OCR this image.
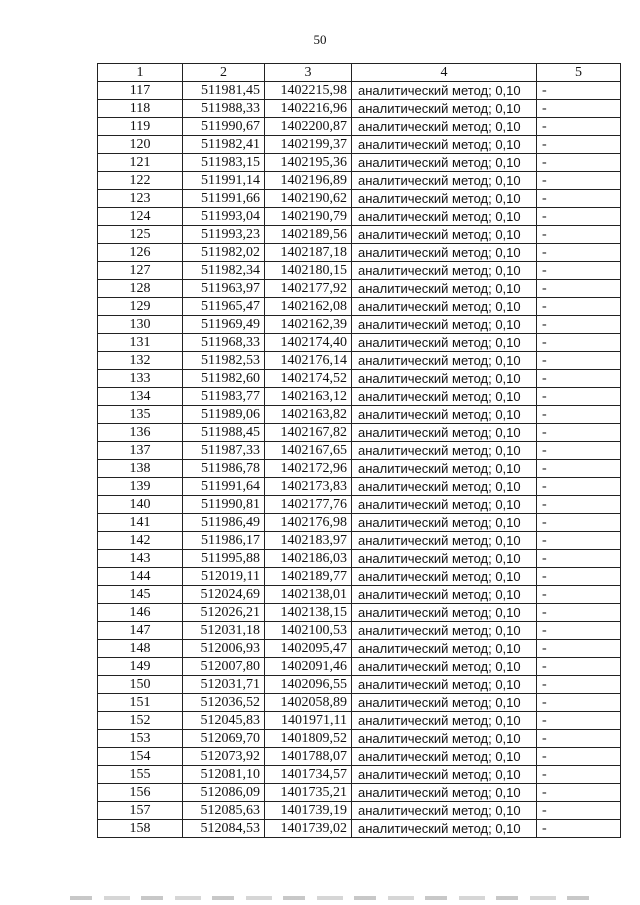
50
1	2	3	4	5
117	511981,45	1402215,98	аналитический метод; 0,10	-
118	511988,33	1402216,96	аналитический метод; 0,10	-
119	511990,67	1402200,87	аналитический метод; 0,10	-
120	511982,41	1402199,37	аналитический метод; 0,10	-
121	511983,15	1402195,36	аналитический метод; 0,10	-
122	511991,14	1402196,89	аналитический метод; 0,10	-
123	511991,66	1402190,62	аналитический метод; 0,10	-
124	511993,04	1402190,79	аналитический метод; 0,10	-
125	511993,23	1402189,56	аналитический метод; 0,10	-
126	511982,02	1402187,18	аналитический метод; 0,10	-
127	511982,34	1402180,15	аналитический метод; 0,10	-
128	511963,97	1402177,92	аналитический метод; 0,10	-
129	511965,47	1402162,08	аналитический метод; 0,10	-
130	511969,49	1402162,39	аналитический метод; 0,10	-
131	511968,33	1402174,40	аналитический метод; 0,10	-
132	511982,53	1402176,14	аналитический метод; 0,10	-
133	511982,60	1402174,52	аналитический метод; 0,10	-
134	511983,77	1402163,12	аналитический метод; 0,10	-
135	511989,06	1402163,82	аналитический метод; 0,10	-
136	511988,45	1402167,82	аналитический метод; 0,10	-
137	511987,33	1402167,65	аналитический метод; 0,10	-
138	511986,78	1402172,96	аналитический метод; 0,10	-
139	511991,64	1402173,83	аналитический метод; 0,10	-
140	511990,81	1402177,76	аналитический метод; 0,10	-
141	511986,49	1402176,98	аналитический метод; 0,10	-
142	511986,17	1402183,97	аналитический метод; 0,10	-
143	511995,88	1402186,03	аналитический метод; 0,10	-
144	512019,11	1402189,77	аналитический метод; 0,10	-
145	512024,69	1402138,01	аналитический метод; 0,10	-
146	512026,21	1402138,15	аналитический метод; 0,10	-
147	512031,18	1402100,53	аналитический метод; 0,10	-
148	512006,93	1402095,47	аналитический метод; 0,10	-
149	512007,80	1402091,46	аналитический метод; 0,10	-
150	512031,71	1402096,55	аналитический метод; 0,10	-
151	512036,52	1402058,89	аналитический метод; 0,10	-
152	512045,83	1401971,11	аналитический метод; 0,10	-
153	512069,70	1401809,52	аналитический метод; 0,10	-
154	512073,92	1401788,07	аналитический метод; 0,10	-
155	512081,10	1401734,57	аналитический метод; 0,10	-
156	512086,09	1401735,21	аналитический метод; 0,10	-
157	512085,63	1401739,19	аналитический метод; 0,10	-
158	512084,53	1401739,02	аналитический метод; 0,10	-
